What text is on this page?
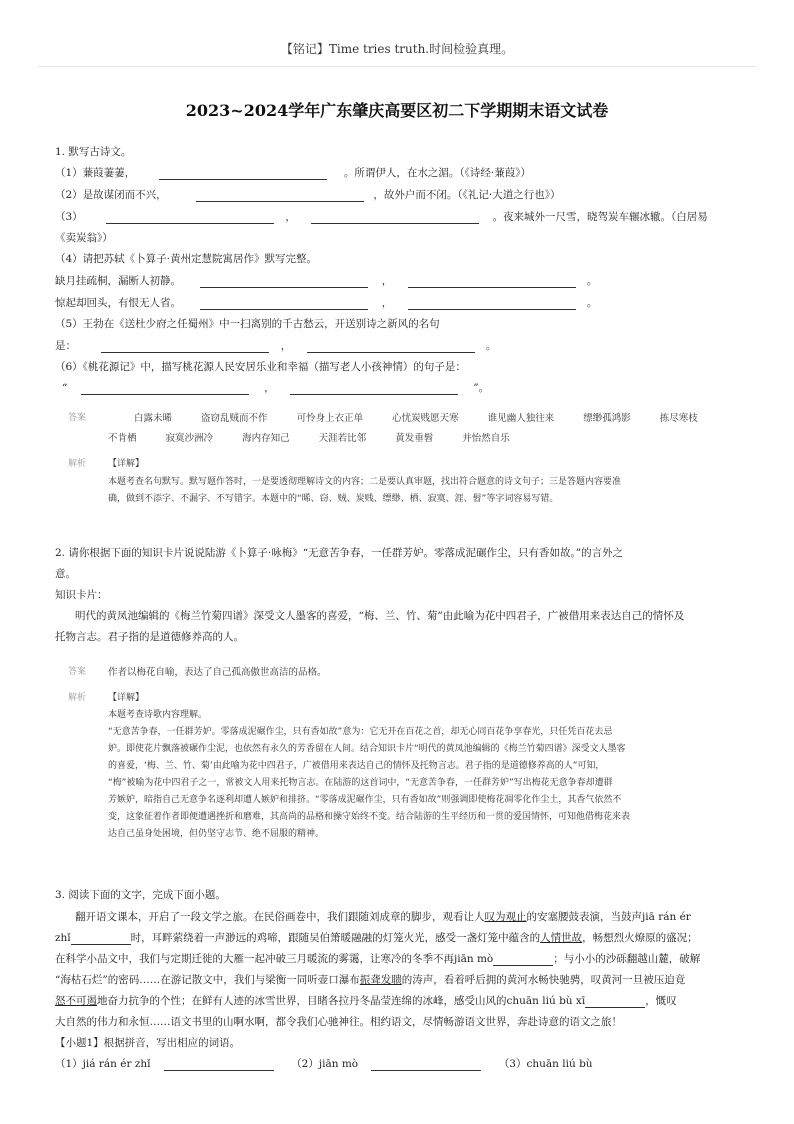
【铭记】Time tries truth.时间检验真理。
2023~2024学年广东肇庆高要区初二下学期期末语文试卷
1. 默写古诗文。
（1）蒹葭萋萋，	。所谓伊人，在水之湄。（《诗经·蒹葭》）
（2）是故谋闭而不兴，	，故外户而不闭。（《礼记·大道之行也》）
（3）	，	。夜来城外一尺雪，晓驾炭车辗冰辙。（白居易
《卖炭翁》）
（4）请把苏轼《卜算子·黄州定慧院寓居作》默写完整。
缺月挂疏桐，漏断人初静。	，	。
惊起却回头，有恨无人省。	，	。
（5）王勃在《送杜少府之任蜀州》中一扫离别的千古愁云，开送别诗之新风的名句
是：	，	。
（6）《桃花源记》中，描写桃花源人民安居乐业和幸福（描写老人小孩神情）的句子是：
“	，	”。
答案	白露未晞	盗窃乱贼而不作	可怜身上衣正单	心忧炭贱愿天寒	谁见幽人独往来	缥缈孤鸿影	拣尽寒枝
不肯栖	寂寞沙洲冷	海内存知己	天涯若比邻	黄发垂髫	并怡然自乐
解析 【详解】
本题考查名句默写。默写题作答时，一是要透彻理解诗文的内容；二是要认真审题，找出符合题意的诗文句子；三是答题内容要准
确，做到不添字、不漏字、不写错字。本题中的“晞、窃、贼、炭贱、缥缈、栖、寂寞、涯、髫”等字词容易写错。
2. 请你根据下面的知识卡片说说陆游《卜算子·咏梅》“无意苦争春，一任群芳妒。零落成泥碾作尘，只有香如故。”的言外之
意。
知识卡片：
明代的黄凤池编辑的《梅兰竹菊四谱》深受文人墨客的喜爱，“梅、兰、竹、菊”由此喻为花中四君子，广被借用来表达自己的情怀及
托物言志。君子指的是道德修养高的人。
答案 作者以梅花自喻，表达了自己孤高傲世高洁的品格。
解析 【详解】
本题考查诗歌内容理解。
“无意苦争春，一任群芳妒。零落成泥碾作尘，只有香如故”意为：它无开在百花之首，却无心同百花争享春光，只任凭百花去忌
妒。即使花片飘落被碾作尘泥，也依然有永久的芳香留在人间。结合知识卡片“明代的黄凤池编辑的《梅兰竹菊四谱》深受文人墨客
的喜爱，‘梅、兰、竹、菊’由此喻为花中四君子，广被借用来表达自己的情怀及托物言志。君子指的是道德修养高的人”可知，
“梅”被喻为花中四君子之一，常被文人用来托物言志。在陆游的这首词中，“无意苦争春，一任群芳妒”写出梅花无意争春却遭群
芳嫉妒，暗指自己无意争名逐利却遭人嫉妒和排挤。“零落成泥碾作尘，只有香如故”则强调即使梅花凋零化作尘土，其香气依然不
变，这象征着作者即便遭遇挫折和磨难，其高尚的品格和操守始终不变。结合陆游的生平经历和一贯的爱国情怀，可知他借梅花来表
达自己虽身处困境，但仍坚守志节、绝不屈服的精神。
3. 阅读下面的文字，完成下面小题。
翻开语文课本，开启了一段文学之旅。在民俗画卷中，我们跟随刘成章的脚步，观看让人叹为观止的安塞腰鼓表演，当鼓声jiā rán ér
zhǐ	时，耳畔萦绕着一声渺远的鸡啼，跟随吴伯箫暖融融的灯笼火光，感受一盏灯笼中蕴含的人情世故，畅想烈火燎原的盛况；
在科学小品文中，我们与定期迁徙的大雁一起冲破三月暖流的雾霭，让寒冷的冬季不再jiān mò	；与小小的沙砾翻越山麓，破解
“海枯石烂”的密码……在游记散文中，我们与梁衡一同听壶口瀑布振聋发聩的涛声，看着呼后拥的黄河水畅快驰骋，叹黄河一旦被压迫竟
怒不可遏地奋力抗争的个性；在鲜有人迹的冰雪世界，目睹各拉丹冬晶莹连绵的冰峰，感受山风的chuān liú bù xī	，慨叹
大自然的伟力和永恒……语文书里的山啊水啊，都令我们心驰神往。相约语文，尽情畅游语文世界，奔赴诗意的语文之旅！
【小题1】根据拼音，写出相应的词语。
（1）jiá rán ér zhǐ	（2）jiān mò	（3）chuān liú bù
